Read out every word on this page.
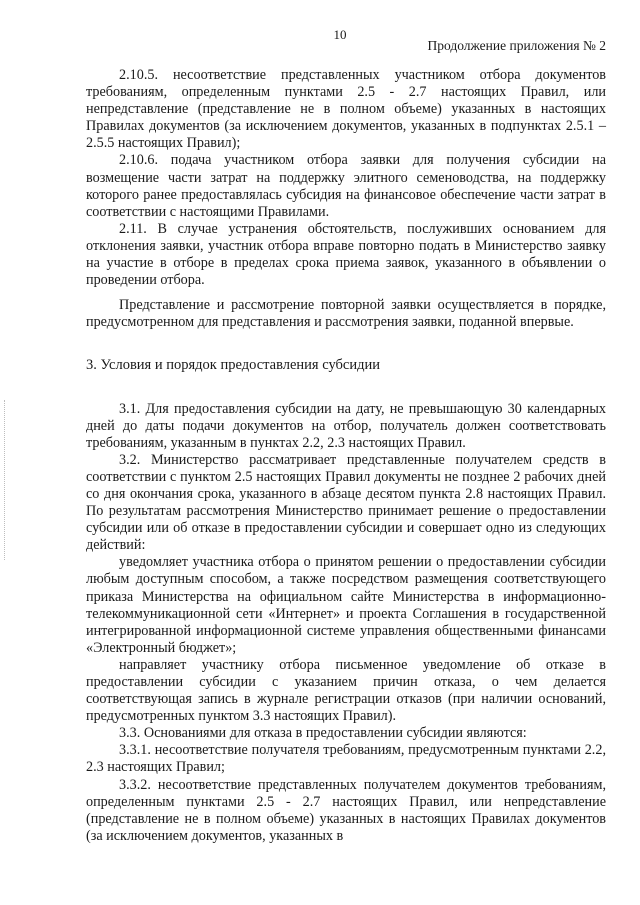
10
Продолжение приложения № 2

2.10.5. несоответствие представленных участником отбора документов требованиям, определенным пунктами 2.5 - 2.7 настоящих Правил, или непредставление (представление не в полном объеме) указанных в настоящих Правилах документов (за исключением документов, указанных в подпунктах 2.5.1 – 2.5.5 настоящих Правил);

2.10.6. подача участником отбора заявки для получения субсидии на возмещение части затрат на поддержку элитного семеноводства, на поддержку которого ранее предоставлялась субсидия на финансовое обеспечение части затрат в соответствии с настоящими Правилами.

2.11. В случае устранения обстоятельств, послуживших основанием для отклонения заявки, участник отбора вправе повторно подать в Министерство заявку на участие в отборе в пределах срока приема заявок, указанного в объявлении о проведении отбора.

Представление и рассмотрение повторной заявки осуществляется в порядке, предусмотренном для представления и рассмотрения заявки, поданной впервые.

3. Условия и порядок предоставления субсидии

3.1. Для предоставления субсидии на дату, не превышающую 30 календарных дней до даты подачи документов на отбор, получатель должен соответствовать требованиям, указанным в пунктах 2.2, 2.3 настоящих Правил.

3.2. Министерство рассматривает представленные получателем средств в соответствии с пунктом 2.5 настоящих Правил документы не позднее 2 рабочих дней со дня окончания срока, указанного в абзаце десятом пункта 2.8 настоящих Правил. По результатам рассмотрения Министерство принимает решение о предоставлении субсидии или об отказе в предоставлении субсидии и совершает одно из следующих действий:

уведомляет участника отбора о принятом решении о предоставлении субсидии любым доступным способом, а также посредством размещения соответствующего приказа Министерства на официальном сайте Министерства в информационно-телекоммуникационной сети «Интернет» и проекта Соглашения в государственной интегрированной информационной системе управления общественными финансами «Электронный бюджет»;

направляет участнику отбора письменное уведомление об отказе в предоставлении субсидии с указанием причин отказа, о чем делается соответствующая запись в журнале регистрации отказов (при наличии оснований, предусмотренных пунктом 3.3 настоящих Правил).

3.3. Основаниями для отказа в предоставлении субсидии являются:

3.3.1. несоответствие получателя требованиям, предусмотренным пунктами 2.2, 2.3 настоящих Правил;

3.3.2. несоответствие представленных получателем документов требованиям, определенным пунктами 2.5 - 2.7 настоящих Правил, или непредставление (представление не в полном объеме) указанных в настоящих Правилах документов (за исключением документов, указанных в
